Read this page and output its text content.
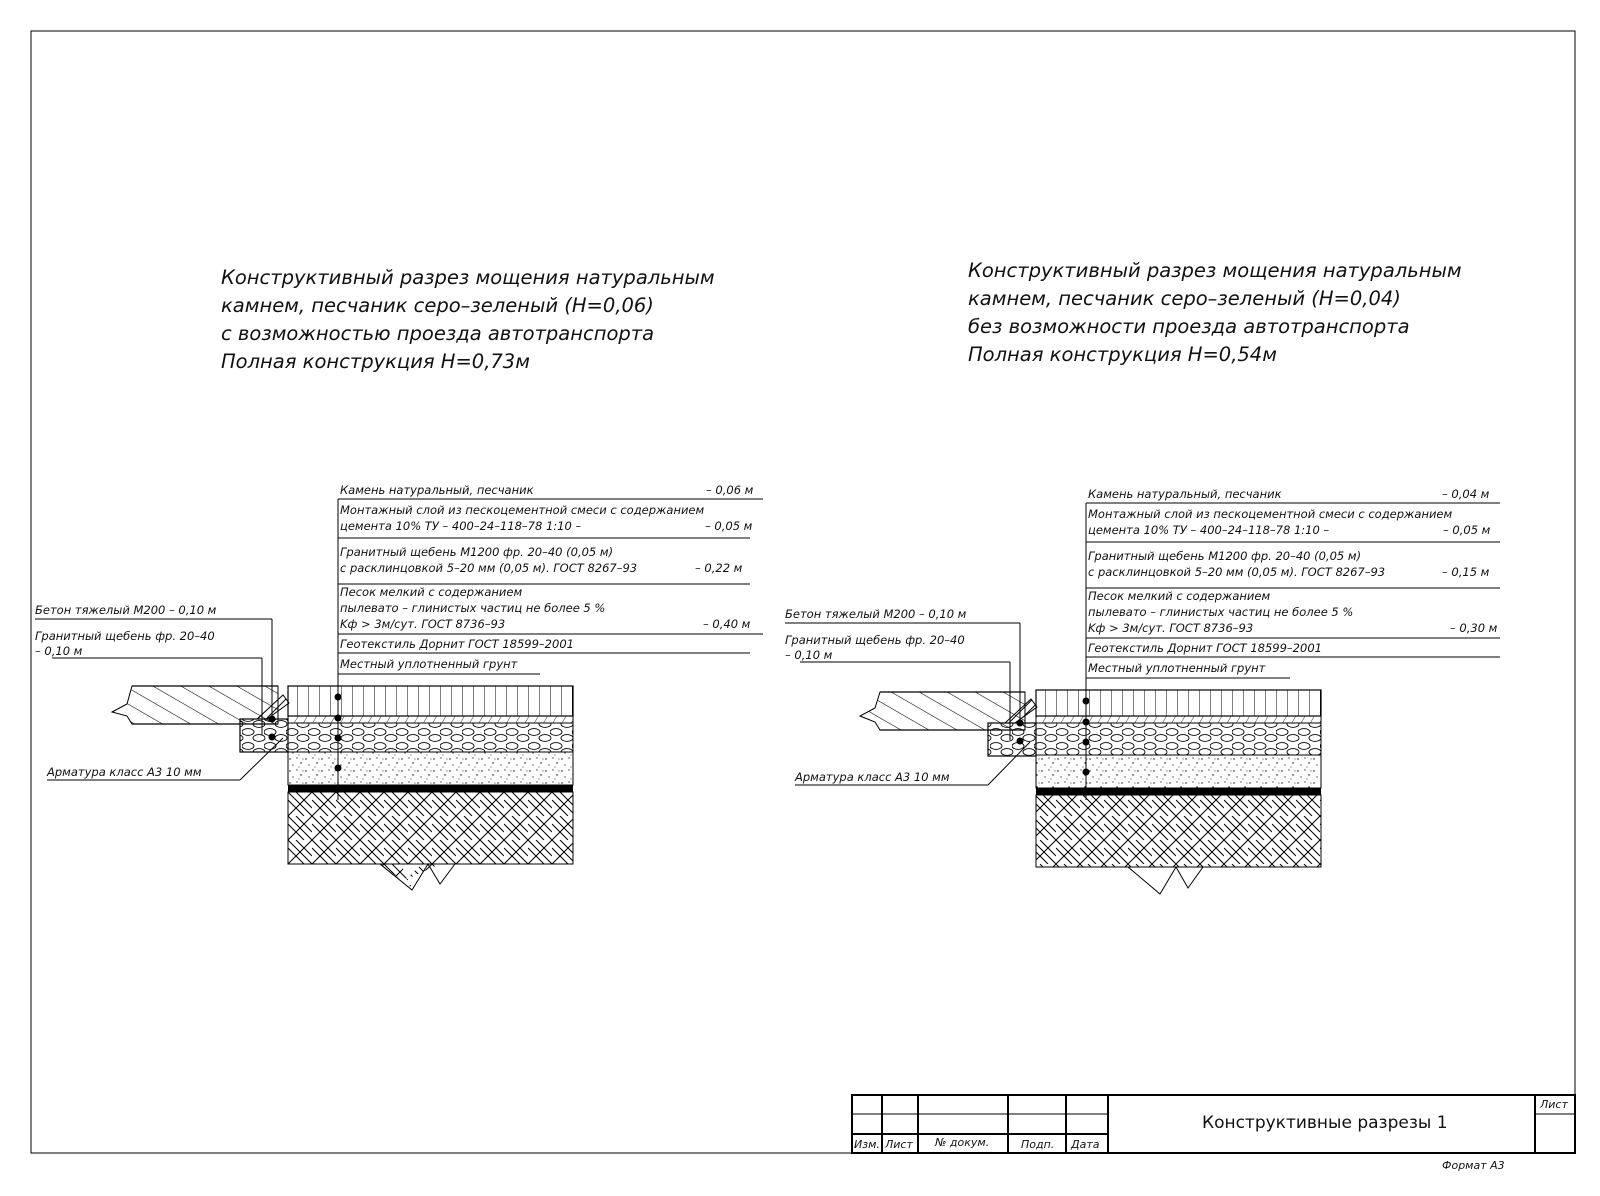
Конструктивный разрез мощения натуральным
камнем, песчаник серо–зеленый (H=0,06)
с возможностью проезда автотранспорта
Полная конструкция H=0,73м
Камень натуральный, песчаник	– 0,06 м
Монтажный слой из пескоцементной смеси с содержанием
цемента 10% ТУ – 400–24–118–78 1:10 –	– 0,05 м
Гранитный щебень М1200 фр. 20–40 (0,05 м)
с расклинцовкой 5–20 мм (0,05 м). ГОСТ 8267–93	– 0,22 м
Песок мелкий с содержанием
пылевато – глинистых частиц не более 5 %
Kф > 3м/сут. ГОСТ 8736–93	– 0,40 м
Геотекстиль Дорнит ГОСТ 18599–2001
Местный уплотненный грунт
Бетон тяжелый М200 – 0,10 м
Гранитный щебень фр. 20–40
– 0,10 м
Арматура класс А3 10 мм
Конструктивный разрез мощения натуральным
камнем, песчаник серо–зеленый (H=0,04)
без возможности проезда автотранспорта
Полная конструкция H=0,54м
Камень натуральный, песчаник	– 0,04 м
Монтажный слой из пескоцементной смеси с содержанием
цемента 10% ТУ – 400–24–118–78 1:10 –	– 0,05 м
Гранитный щебень М1200 фр. 20–40 (0,05 м)
с расклинцовкой 5–20 мм (0,05 м). ГОСТ 8267–93	– 0,15 м
Песок мелкий с содержанием
пылевато – глинистых частиц не более 5 %
Kф > 3м/сут. ГОСТ 8736–93	– 0,30 м
Геотекстиль Дорнит ГОСТ 18599–2001
Местный уплотненный грунт
Бетон тяжелый М200 – 0,10 м
Гранитный щебень фр. 20–40
– 0,10 м
Арматура класс А3 10 мм
Изм. Лист № докум.	Подп. Дата
Лист
Конструктивные разрезы 1
Формат А3
